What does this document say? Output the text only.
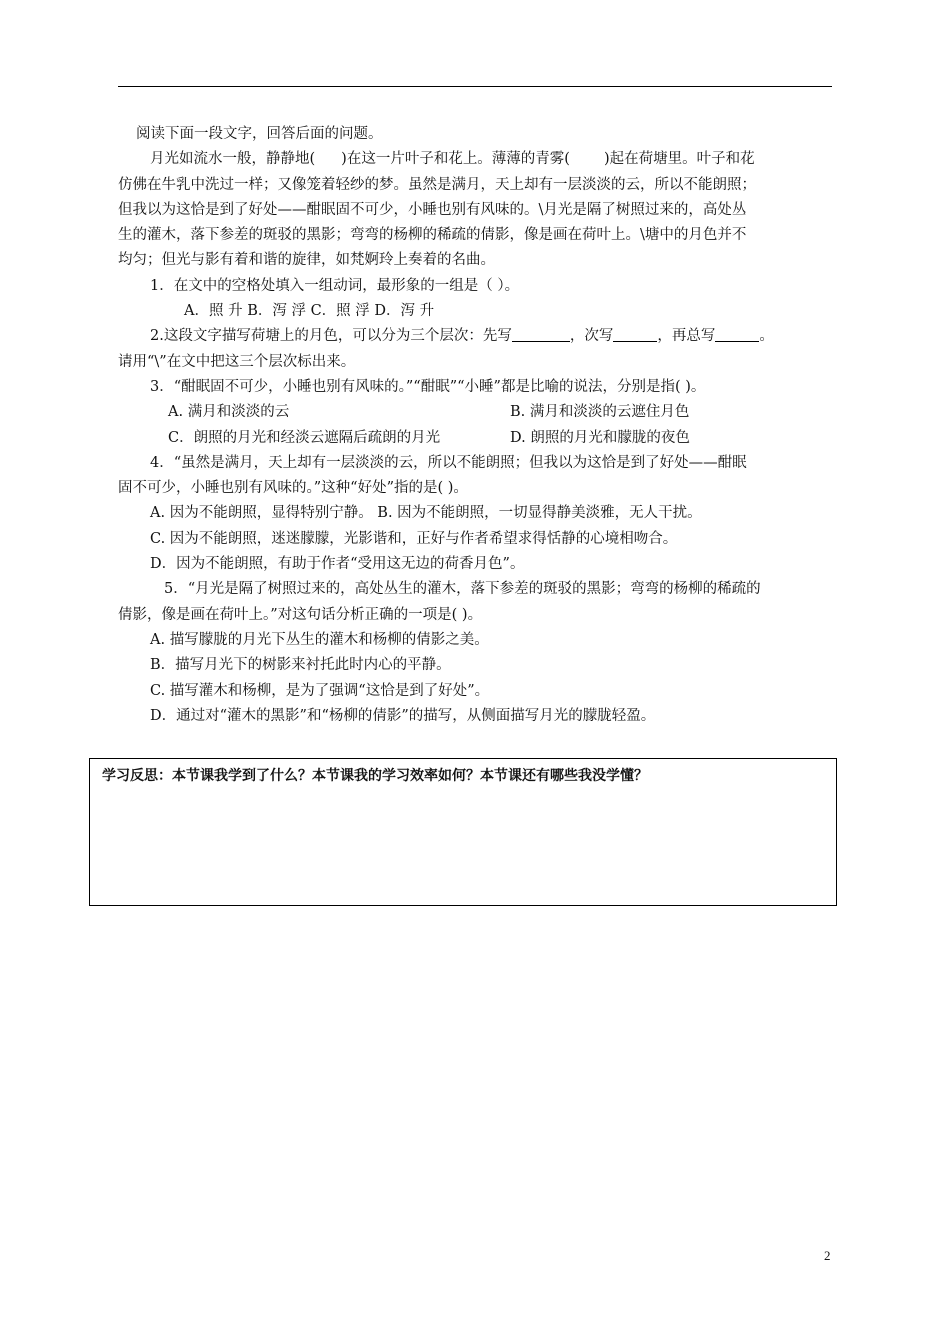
阅读下面一段文字，回答后面的问题。

月光如流水一般，静静地( )在这一片叶子和花上。薄薄的青雾( )起在荷塘里。叶子和花

仿佛在牛乳中洗过一样；又像笼着轻纱的梦。虽然是满月，天上却有一层淡淡的云，所以不能朗照；

但我以为这恰是到了好处——酣眠固不可少，小睡也别有风味的。\月光是隔了树照过来的，高处丛

生的灌木，落下参差的斑驳的黑影；弯弯的杨柳的稀疏的倩影，像是画在荷叶上。\塘中的月色并不

均匀；但光与影有着和谐的旋律，如梵婀玲上奏着的名曲。

1．在文中的空格处填入一组动词，最形象的一组是（ ）。

A．照 升 B．泻 浮 C．照 浮 D．泻 升

2.这段文字描写荷塘上的月色，可以分为三个层次：先写	，次写	，再总写	。

请用“\”在文中把这三个层次标出来。

3．“酣眠固不可少，小睡也别有风味的。”“酣眠”“小睡”都是比喻的说法，分别是指( )。

A. 满月和淡淡的云	B. 满月和淡淡的云遮住月色
C．朗照的月光和经淡云遮隔后疏朗的月光	D. 朗照的月光和朦胧的夜色

4．“虽然是满月，天上却有一层淡淡的云，所以不能朗照；但我以为这恰是到了好处——酣眠

固不可少，小睡也别有风味的。”这种“好处”指的是( )。

A. 因为不能朗照，显得特别宁静。 B. 因为不能朗照，一切显得静美淡雅，无人干扰。

C. 因为不能朗照，迷迷朦朦，光影谐和，正好与作者希望求得恬静的心境相吻合。

D．因为不能朗照，有助于作者“受用这无边的荷香月色”。

5．“月光是隔了树照过来的，高处丛生的灌木，落下参差的斑驳的黑影；弯弯的杨柳的稀疏的

倩影，像是画在荷叶上。”对这句话分析正确的一项是( )。

A. 描写朦胧的月光下丛生的灌木和杨柳的倩影之美。

B．描写月光下的树影来衬托此时内心的平静。

C. 描写灌木和杨柳，是为了强调“这恰是到了好处”。

D．通过对“灌木的黑影”和“杨柳的倩影”的描写，从侧面描写月光的朦胧轻盈。

学习反思：本节课我学到了什么？本节课我的学习效率如何？本节课还有哪些我没学懂？
2
